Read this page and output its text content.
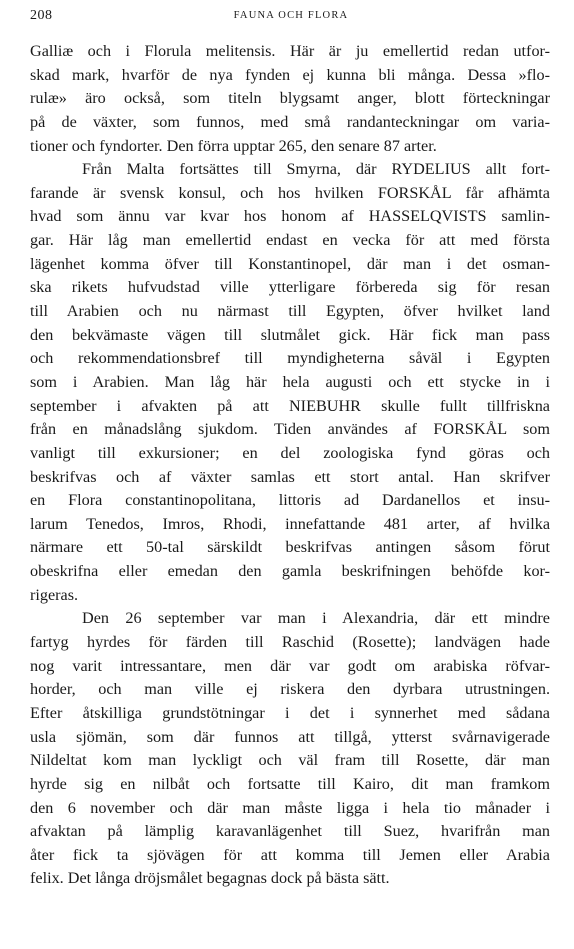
208	FAUNA OCH FLORA
Galliæ och i Florula melitensis. Här är ju emellertid redan utfor-
skad mark, hvarför de nya fynden ej kunna bli många. Dessa »flo-
rulæ» äro också, som titeln blygsamt anger, blott förteckningar
på de växter, som funnos, med små randanteckningar om varia-
tioner och fyndorter. Den förra upptar 265, den senare 87 arter.
Från Malta fortsättes till Smyrna, där RYDELIUS allt fort-
farande är svensk konsul, och hos hvilken FORSKÅL får afhämta
hvad som ännu var kvar hos honom af HASSELQVISTS samlin-
gar. Här låg man emellertid endast en vecka för att med första
lägenhet komma öfver till Konstantinopel, där man i det osman-
ska rikets hufvudstad ville ytterligare förbereda sig för resan
till Arabien och nu närmast till Egypten, öfver hvilket land
den bekvämaste vägen till slutmålet gick. Här fick man pass
och rekommendationsbref till myndigheterna såväl i Egypten
som i Arabien. Man låg här hela augusti och ett stycke in i
september i afvakten på att NIEBUHR skulle fullt tillfriskna
från en månadslång sjukdom. Tiden användes af FORSKÅL som
vanligt till exkursioner; en del zoologiska fynd göras och
beskrifvas och af växter samlas ett stort antal. Han skrifver
en Flora constantinopolitana, littoris ad Dardanellos et insu-
larum Tenedos, Imros, Rhodi, innefattande 481 arter, af hvilka
närmare ett 50-tal särskildt beskrifvas antingen såsom förut
obeskrifna eller emedan den gamla beskrifningen behöfde kor-
rigeras.
Den 26 september var man i Alexandria, där ett mindre
fartyg hyrdes för färden till Raschid (Rosette); landvägen hade
nog varit intressantare, men där var godt om arabiska röfvar-
horder, och man ville ej riskera den dyrbara utrustningen.
Efter åtskilliga grundstötningar i det i synnerhet med sådana
usla sjömän, som där funnos att tillgå, ytterst svårnavigerade
Nildeltat kom man lyckligt och väl fram till Rosette, där man
hyrde sig en nilbåt och fortsatte till Kairo, dit man framkom
den 6 november och där man måste ligga i hela tio månader i
afvaktan på lämplig karavanlägenhet till Suez, hvarifrån man
åter fick ta sjövägen för att komma till Jemen eller Arabia
felix. Det långa dröjsmålet begagnas dock på bästa sätt.
